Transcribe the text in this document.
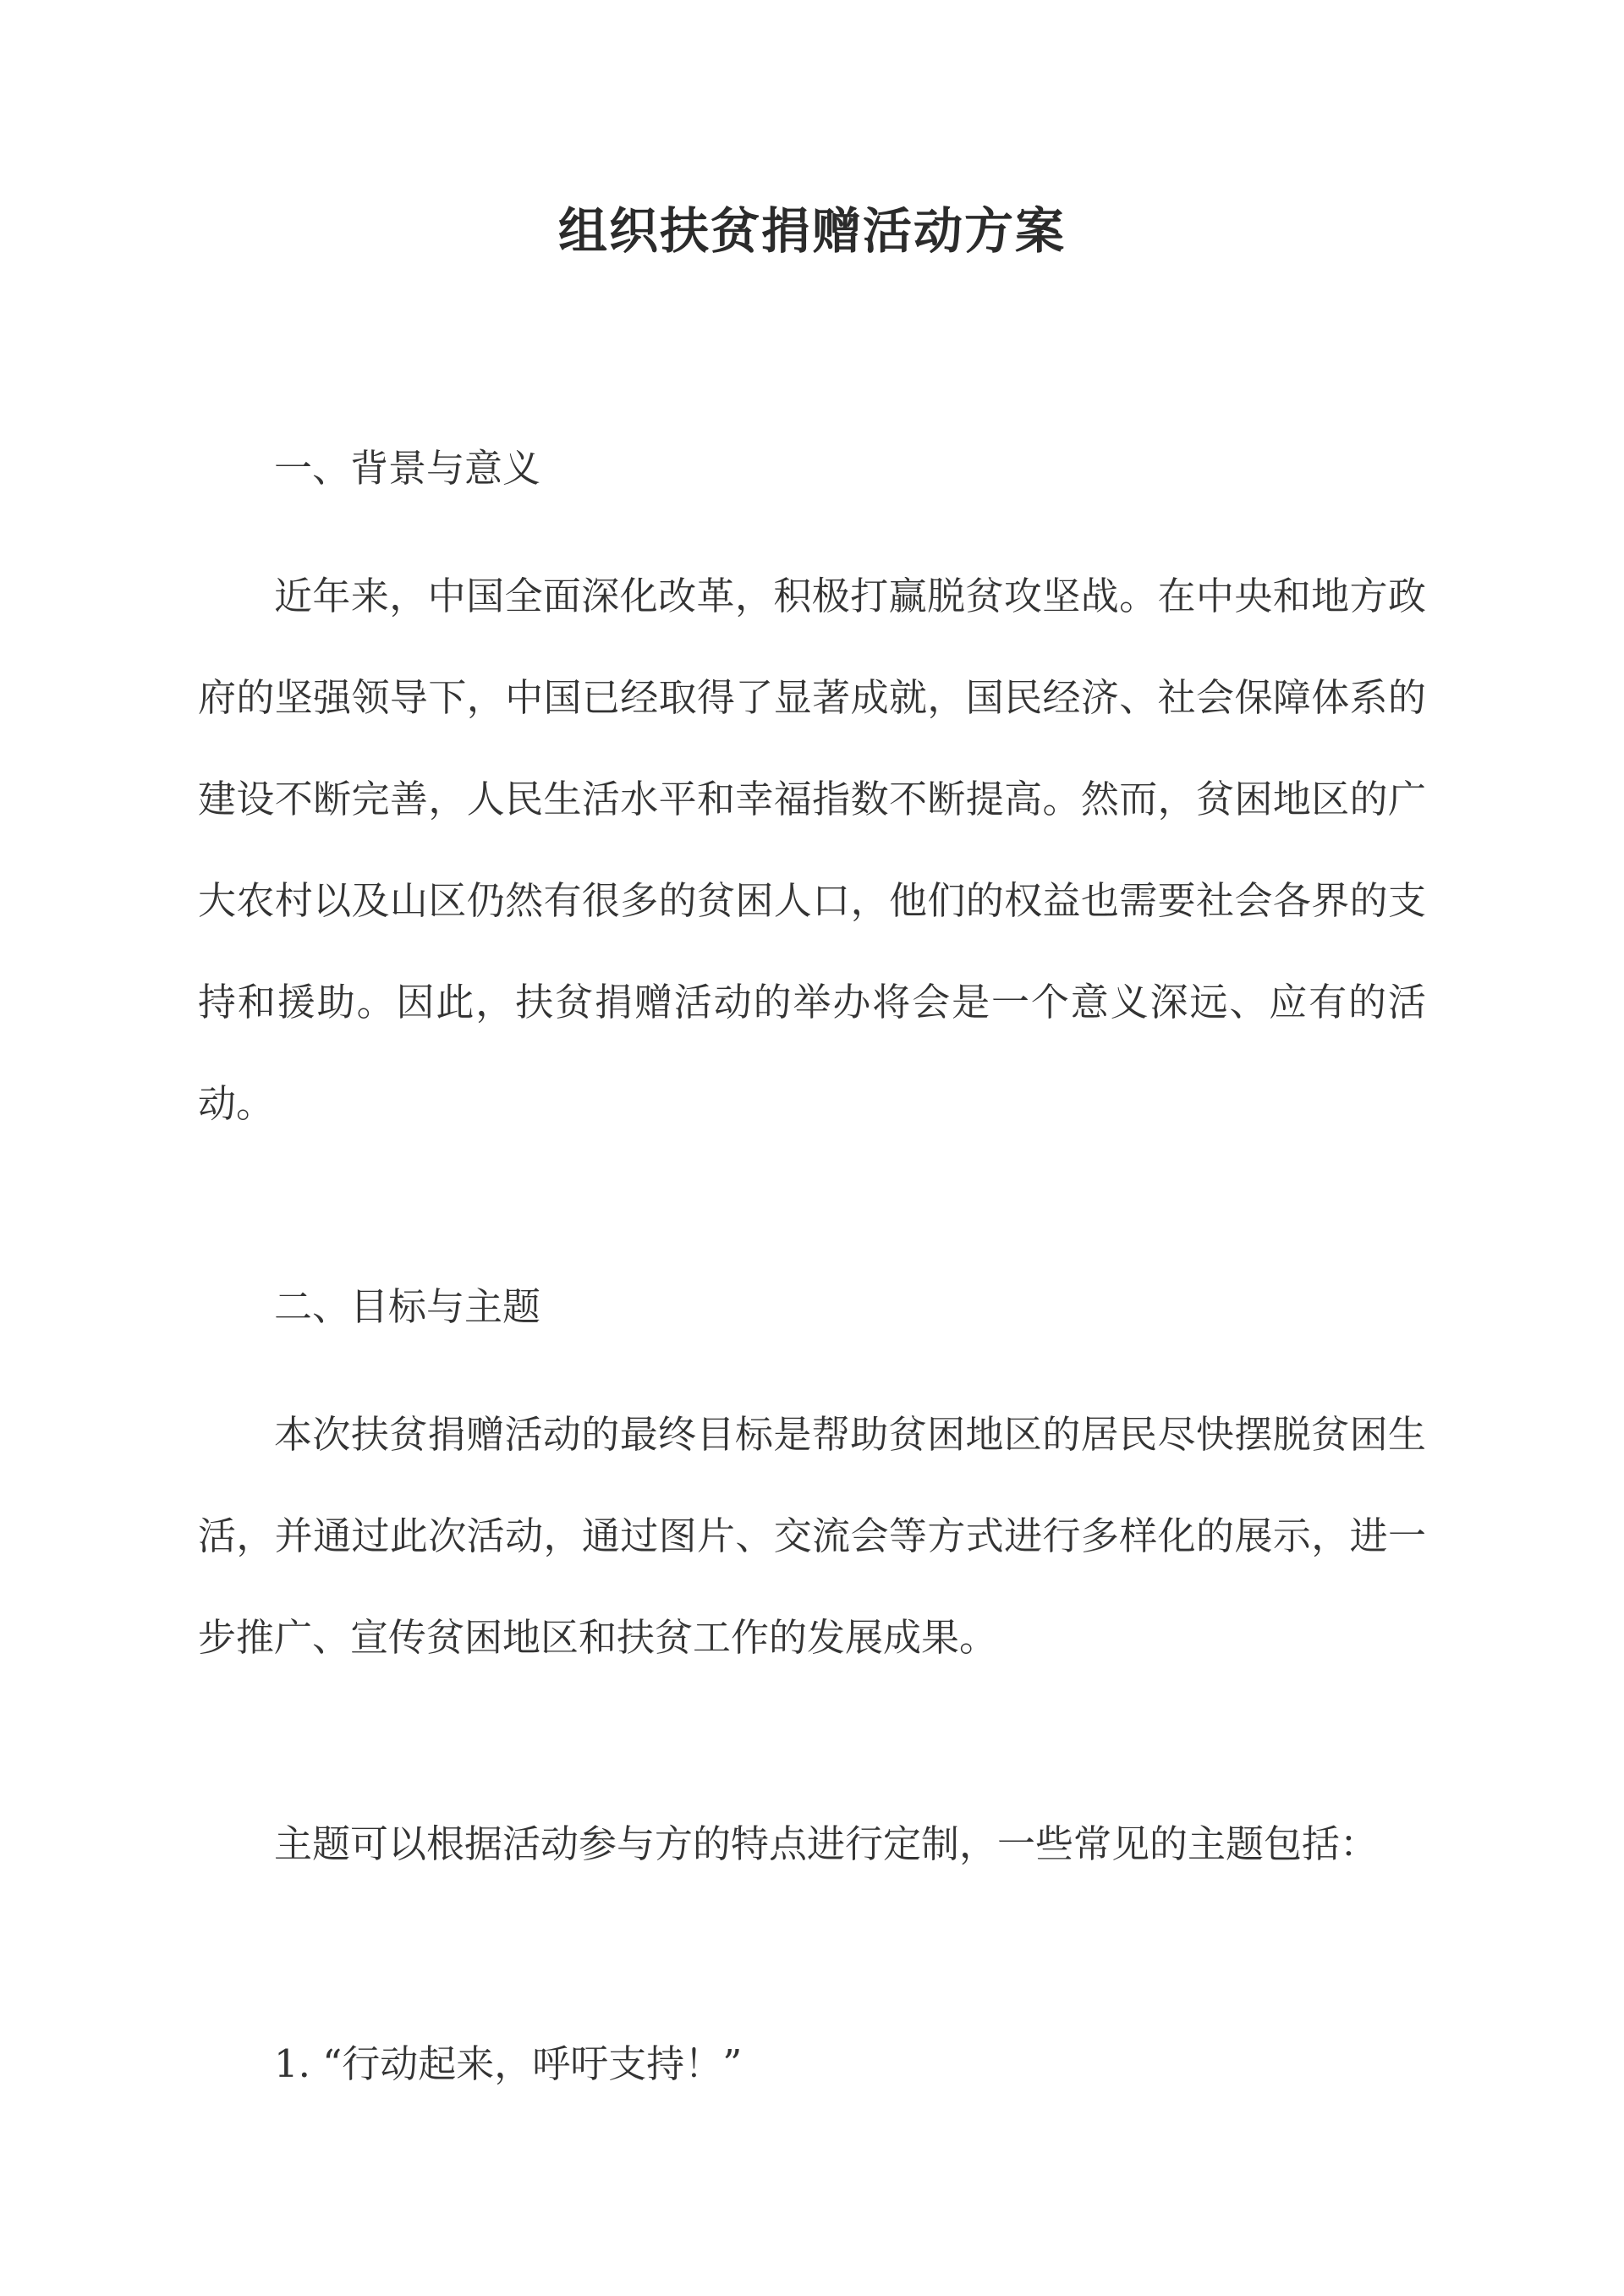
组织扶贫捐赠活动方案
一、背景与意义

近年来，中国全面深化改革，积极打赢脱贫攻坚战。在中央和地方政府的坚强领导下，中国已经取得了显著成就，国民经济、社会保障体系的建设不断完善，人民生活水平和幸福指数不断提高。然而，贫困地区的广大农村以及山区仍然有很多的贫困人口，他们的权益也需要社会各界的支持和援助。因此，扶贫捐赠活动的举办将会是一个意义深远、应有的活动。

二、目标与主题

本次扶贫捐赠活动的最终目标是帮助贫困地区的居民尽快摆脱贫困生活，并通过此次活动，通过图片、交流会等方式进行多样化的展示，进一步推广、宣传贫困地区和扶贫工作的发展成果。

主题可以根据活动参与方的特点进行定制，一些常见的主题包括：
1. “行动起来，呼吁支持！”
